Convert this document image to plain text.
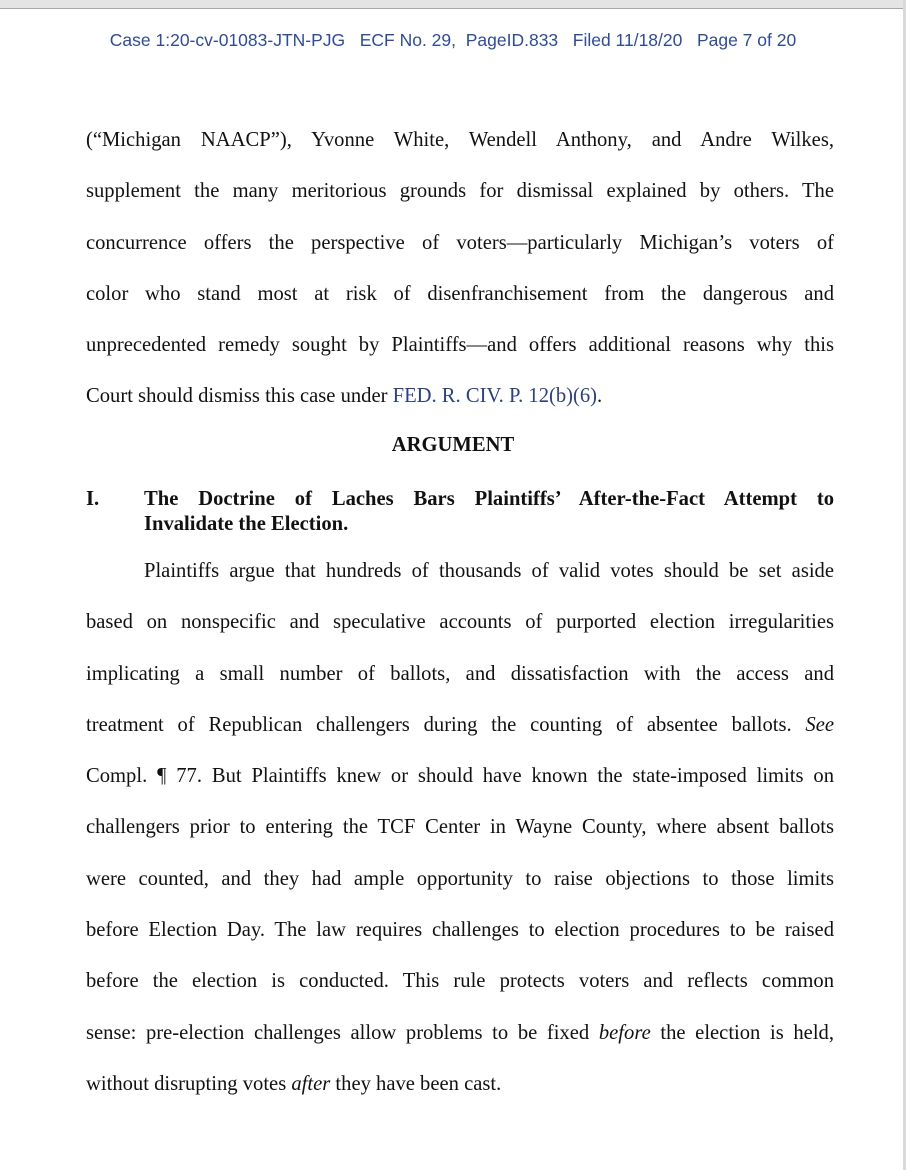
Case 1:20-cv-01083-JTN-PJG   ECF No. 29,  PageID.833   Filed 11/18/20   Page 7 of 20
(“Michigan NAACP”), Yvonne White, Wendell Anthony, and Andre Wilkes,
supplement the many meritorious grounds for dismissal explained by others. The
concurrence offers the perspective of voters—particularly Michigan’s voters of
color who stand most at risk of disenfranchisement from the dangerous and
unprecedented remedy sought by Plaintiffs—and offers additional reasons why this
Court should dismiss this case under FED. R. CIV. P. 12(b)(6).
ARGUMENT
I. The Doctrine of Laches Bars Plaintiffs’ After-the-Fact Attempt to
Invalidate the Election.
Plaintiffs argue that hundreds of thousands of valid votes should be set aside
based on nonspecific and speculative accounts of purported election irregularities
implicating a small number of ballots, and dissatisfaction with the access and
treatment of Republican challengers during the counting of absentee ballots. See
Compl. ¶ 77. But Plaintiffs knew or should have known the state-imposed limits on
challengers prior to entering the TCF Center in Wayne County, where absent ballots
were counted, and they had ample opportunity to raise objections to those limits
before Election Day. The law requires challenges to election procedures to be raised
before the election is conducted. This rule protects voters and reflects common
sense: pre-election challenges allow problems to be fixed before the election is held,
without disrupting votes after they have been cast.
